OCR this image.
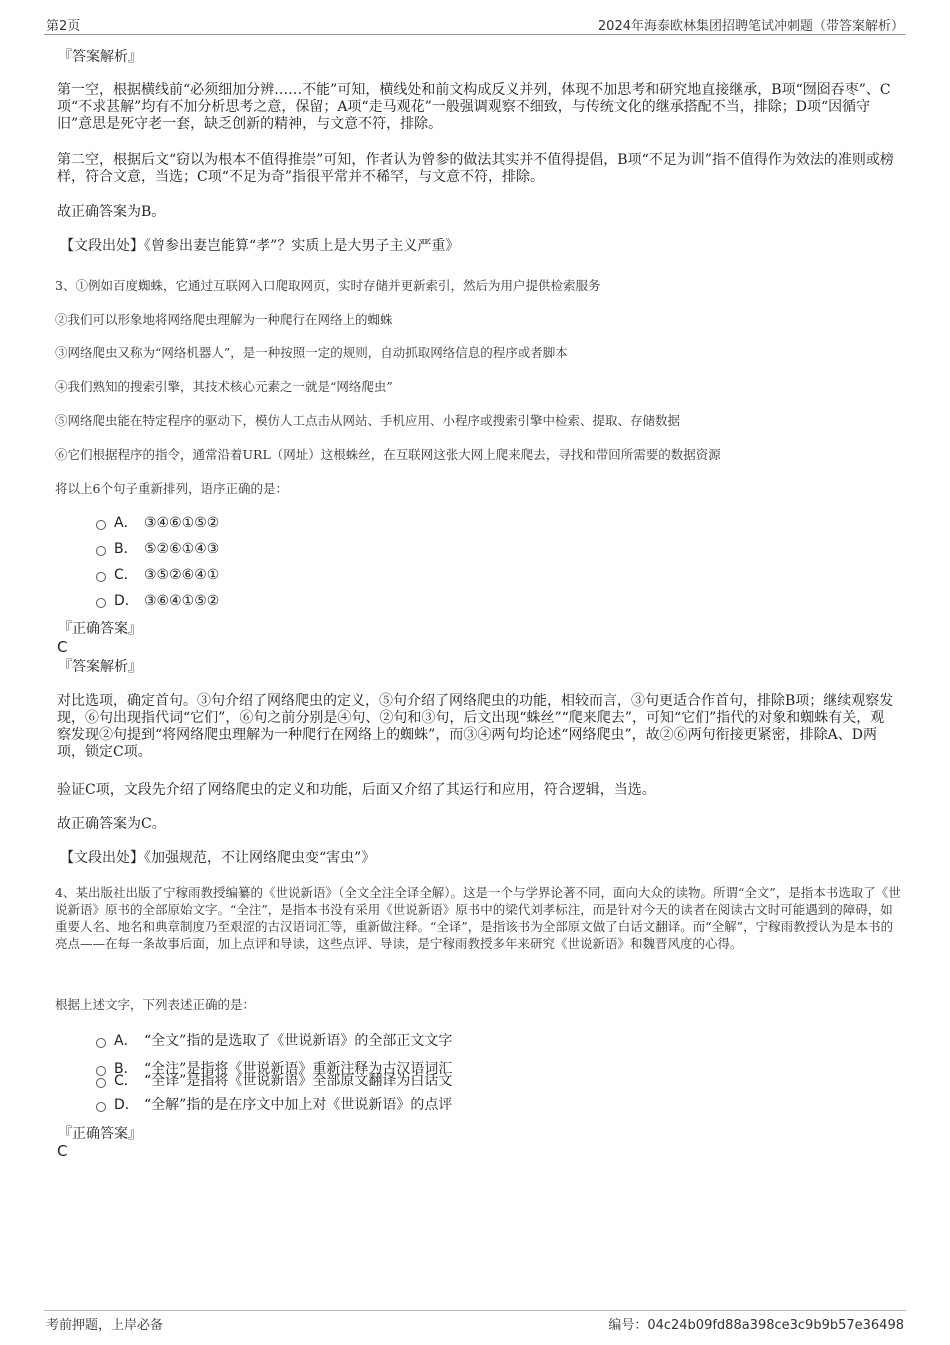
第2页	2024年海泰欧林集团招聘笔试冲刺题（带答案解析）
『答案解析』
第一空，根据横线前“必须细加分辨……不能”可知，横线处和前文构成反义并列，体现不加思考和研究地直接继承，B项“囫囵吞枣”、C项“不求甚解”均有不加分析思考之意，保留；A项“走马观花”一般强调观察不细致，与传统文化的继承搭配不当，排除；D项“因循守旧”意思是死守老一套，缺乏创新的精神，与文意不符，排除。
第二空，根据后文“窃以为根本不值得推崇”可知，作者认为曾参的做法其实并不值得提倡，B项“不足为训”指不值得作为效法的准则或榜样，符合文意，当选；C项“不足为奇”指很平常并不稀罕，与文意不符，排除。
故正确答案为B。
【文段出处】《曾参出妻岂能算“孝”？实质上是大男子主义严重》
3、①例如百度蜘蛛，它通过互联网入口爬取网页，实时存储并更新索引，然后为用户提供检索服务
②我们可以形象地将网络爬虫理解为一种爬行在网络上的蜘蛛
③网络爬虫又称为“网络机器人”，是一种按照一定的规则，自动抓取网络信息的程序或者脚本
④我们熟知的搜索引擎，其技术核心元素之一就是“网络爬虫”
⑤网络爬虫能在特定程序的驱动下，模仿人工点击从网站、手机应用、小程序或搜索引擎中检索、提取、存储数据
⑥它们根据程序的指令，通常沿着URL（网址）这根蛛丝，在互联网这张大网上爬来爬去，寻找和带回所需要的数据资源
将以上6个句子重新排列，语序正确的是：
A． ③④⑥①⑤②
B． ⑤②⑥①④③
C． ③⑤②⑥④①
D． ③⑥④①⑤②
『正确答案』
C
『答案解析』
对比选项，确定首句。③句介绍了网络爬虫的定义，⑤句介绍了网络爬虫的功能，相较而言，③句更适合作首句，排除B项；继续观察发现，⑥句出现指代词“它们”，⑥句之前分别是④句、②句和③句，后文出现“蛛丝”“爬来爬去”，可知“它们”指代的对象和蜘蛛有关，观察发现②句提到“将网络爬虫理解为一种爬行在网络上的蜘蛛”，而③④两句均论述“网络爬虫”，故②⑥两句衔接更紧密，排除A、D两项，锁定C项。
验证C项，文段先介绍了网络爬虫的定义和功能，后面又介绍了其运行和应用，符合逻辑，当选。
故正确答案为C。
【文段出处】《加强规范，不让网络爬虫变“害虫”》
4、某出版社出版了宁稼雨教授编纂的《世说新语》（全文全注全译全解）。这是一个与学界论著不同，面向大众的读物。所谓“全文”，是指本书选取了《世说新语》原书的全部原始文字。“全注”，是指本书没有采用《世说新语》原书中的梁代刘孝标注，而是针对今天的读者在阅读古文时可能遇到的障碍，如重要人名、地名和典章制度乃至艰涩的古汉语词汇等，重新做注释。“全译”，是指该书为全部原文做了白话文翻译。而“全解”，宁稼雨教授认为是本书的亮点——在每一条故事后面，加上点评和导读，这些点评、导读，是宁稼雨教授多年来研究《世说新语》和魏晋风度的心得。
根据上述文字，下列表述正确的是：
A． “全文”指的是选取了《世说新语》的全部正文文字
B． “全注”是指将《世说新语》重新注释为古汉语词汇
C． “全译”是指将《世说新语》全部原文翻译为白话文
D． “全解”指的是在序文中加上对《世说新语》的点评
『正确答案』
C
考前押题，上岸必备	编号：04c24b09fd88a398ce3c9b9b57e36498
